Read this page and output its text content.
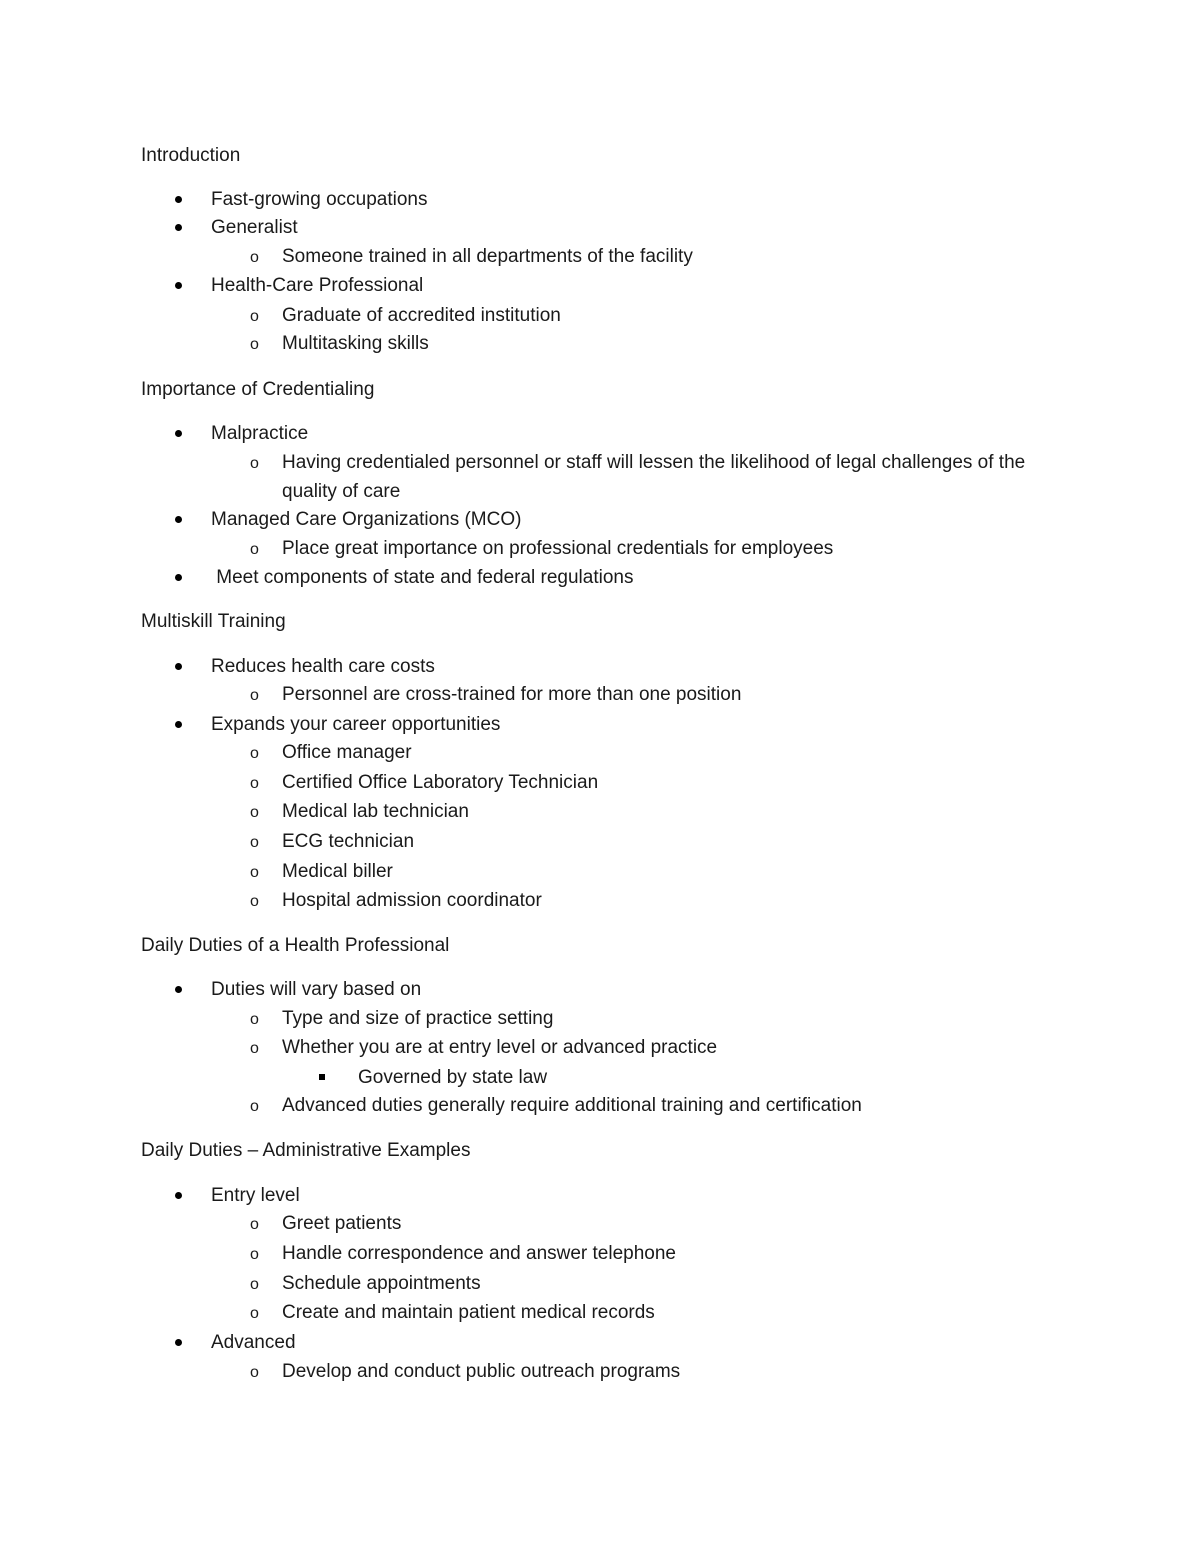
Introduction
Fast-growing occupations
Generalist
o	Someone trained in all departments of the facility
Health-Care Professional
o	Graduate of accredited institution
o	Multitasking skills
Importance of Credentialing
Malpractice
o	Having credentialed personnel or staff will lessen the likelihood of legal challenges of the quality of care
Managed Care Organizations (MCO)
o	Place great importance on professional credentials for employees
Meet components of state and federal regulations
Multiskill Training
Reduces health care costs
o	Personnel are cross-trained for more than one position
Expands your career opportunities
o	Office manager
o	Certified Office Laboratory Technician
o	Medical lab technician
o	ECG technician
o	Medical biller
o	Hospital admission coordinator
Daily Duties of a Health Professional
Duties will vary based on
o	Type and size of practice setting
o	Whether you are at entry level or advanced practice
Governed by state law
o	Advanced duties generally require additional training and certification
Daily Duties – Administrative Examples
Entry level
o	Greet patients
o	Handle correspondence and answer telephone
o	Schedule appointments
o	Create and maintain patient medical records
Advanced
o	Develop and conduct public outreach programs
